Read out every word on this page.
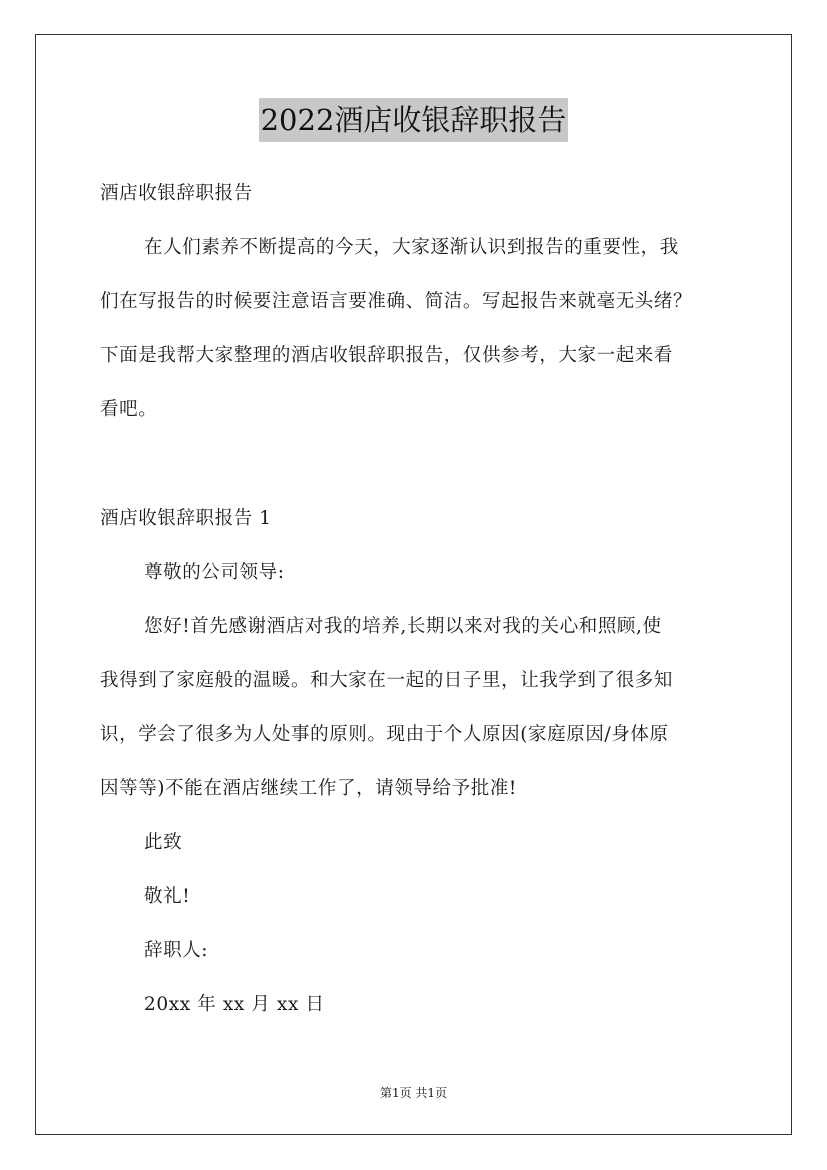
2022酒店收银辞职报告
酒店收银辞职报告
在人们素养不断提高的今天，大家逐渐认识到报告的重要性，我
们在写报告的时候要注意语言要准确、简洁。写起报告来就毫无头绪？
下面是我帮大家整理的酒店收银辞职报告，仅供参考，大家一起来看
看吧。
酒店收银辞职报告 1
尊敬的公司领导:
您好!首先感谢酒店对我的培养,长期以来对我的关心和照顾,使
我得到了家庭般的温暖。和大家在一起的日子里，让我学到了很多知
识，学会了很多为人处事的原则。现由于个人原因(家庭原因/身体原
因等等)不能在酒店继续工作了，请领导给予批准!
此致
敬礼!
辞职人:
20xx 年 xx 月 xx 日
第1页 共1页
